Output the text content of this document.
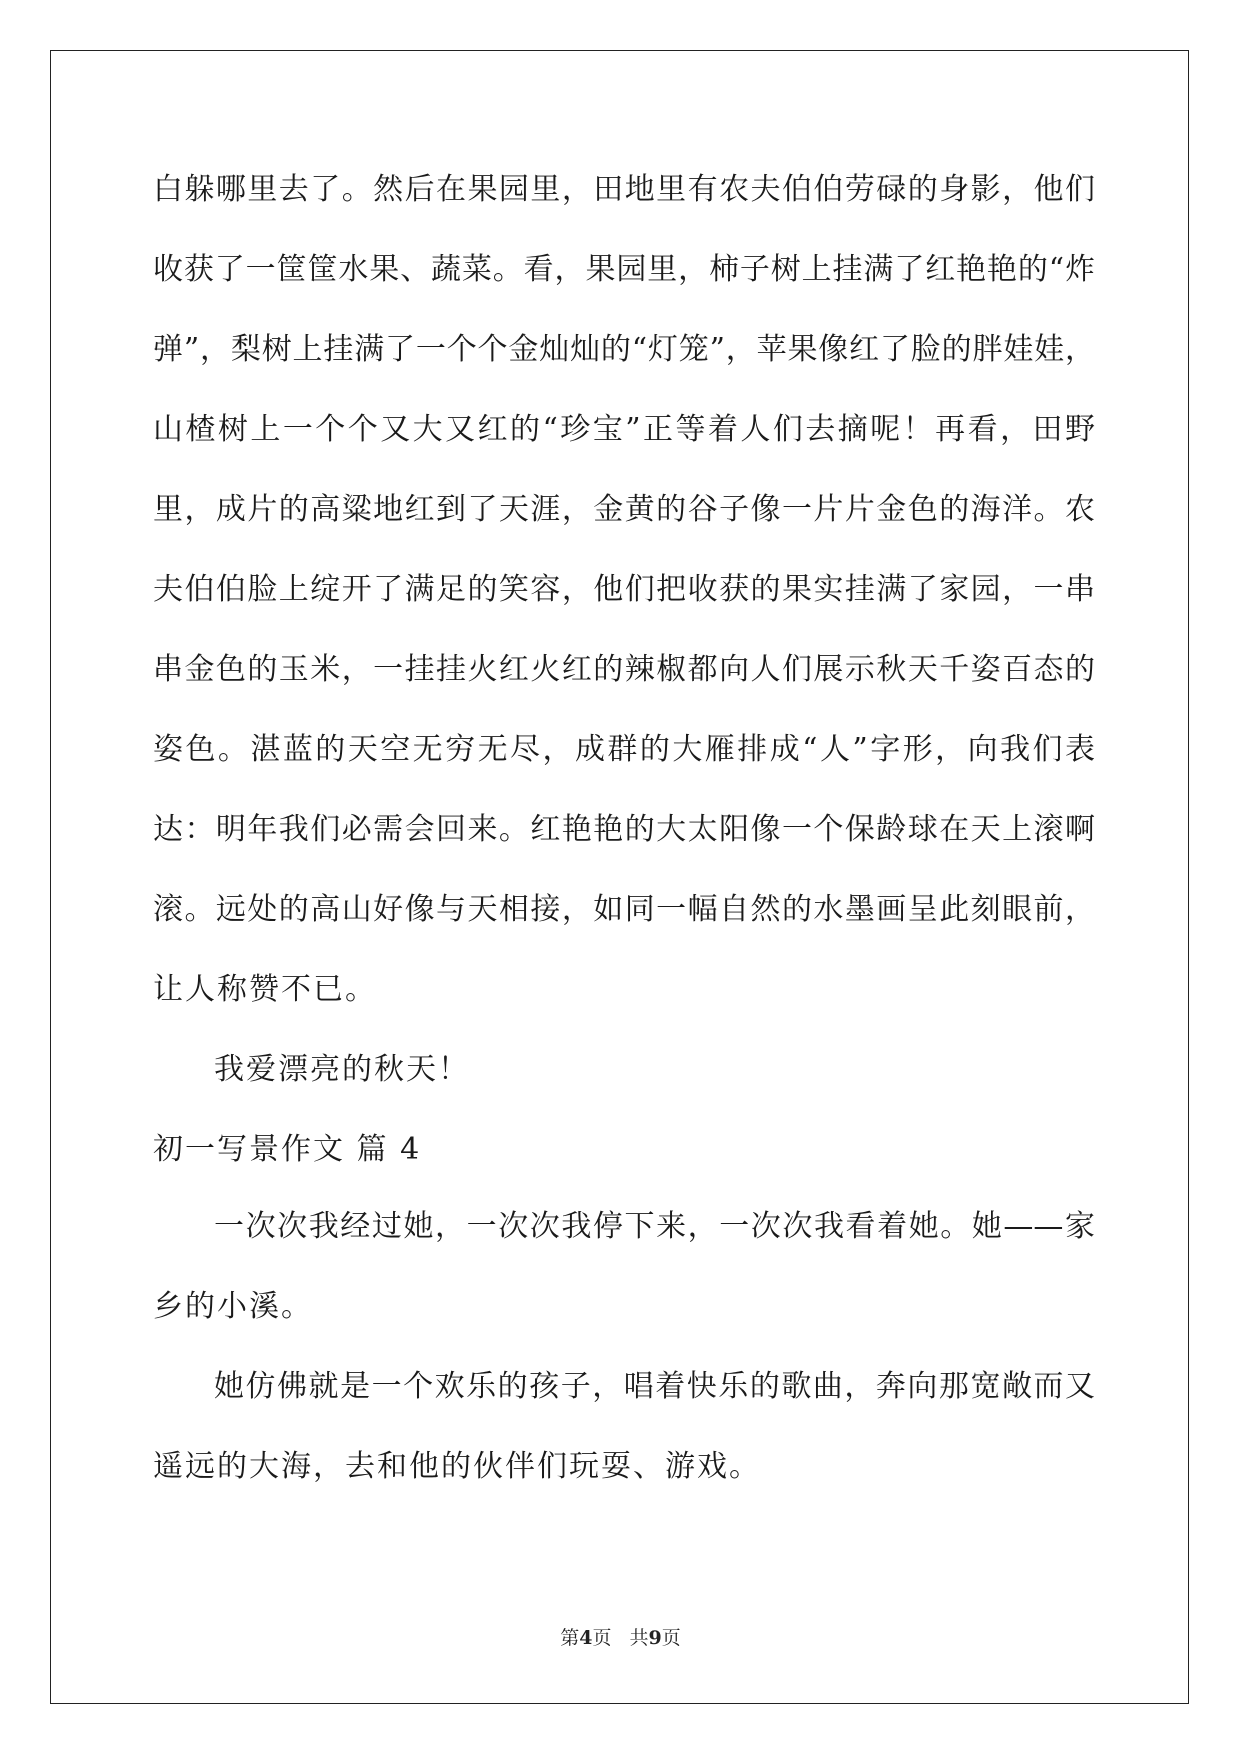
白躲哪里去了。然后在果园里，田地里有农夫伯伯劳碌的身影，他们
收获了一筐筐水果、蔬菜。看，果园里，柿子树上挂满了红艳艳的“炸
弹”，梨树上挂满了一个个金灿灿的“灯笼”，苹果像红了脸的胖娃娃，
山楂树上一个个又大又红的“珍宝”正等着人们去摘呢！再看，田野
里，成片的高粱地红到了天涯，金黄的谷子像一片片金色的海洋。农
夫伯伯脸上绽开了满足的笑容，他们把收获的果实挂满了家园，一串
串金色的玉米，一挂挂火红火红的辣椒都向人们展示秋天千姿百态的
姿色。湛蓝的天空无穷无尽，成群的大雁排成“人”字形，向我们表
达：明年我们必需会回来。红艳艳的大太阳像一个保龄球在天上滚啊
滚。远处的高山好像与天相接，如同一幅自然的水墨画呈此刻眼前，
让人称赞不已。
我爱漂亮的秋天！
初一写景作文 篇 4
一次次我经过她，一次次我停下来，一次次我看着她。她——家
乡的小溪。
她仿佛就是一个欢乐的孩子，唱着快乐的歌曲，奔向那宽敞而又
遥远的大海，去和他的伙伴们玩耍、游戏。
第4页 共9页
